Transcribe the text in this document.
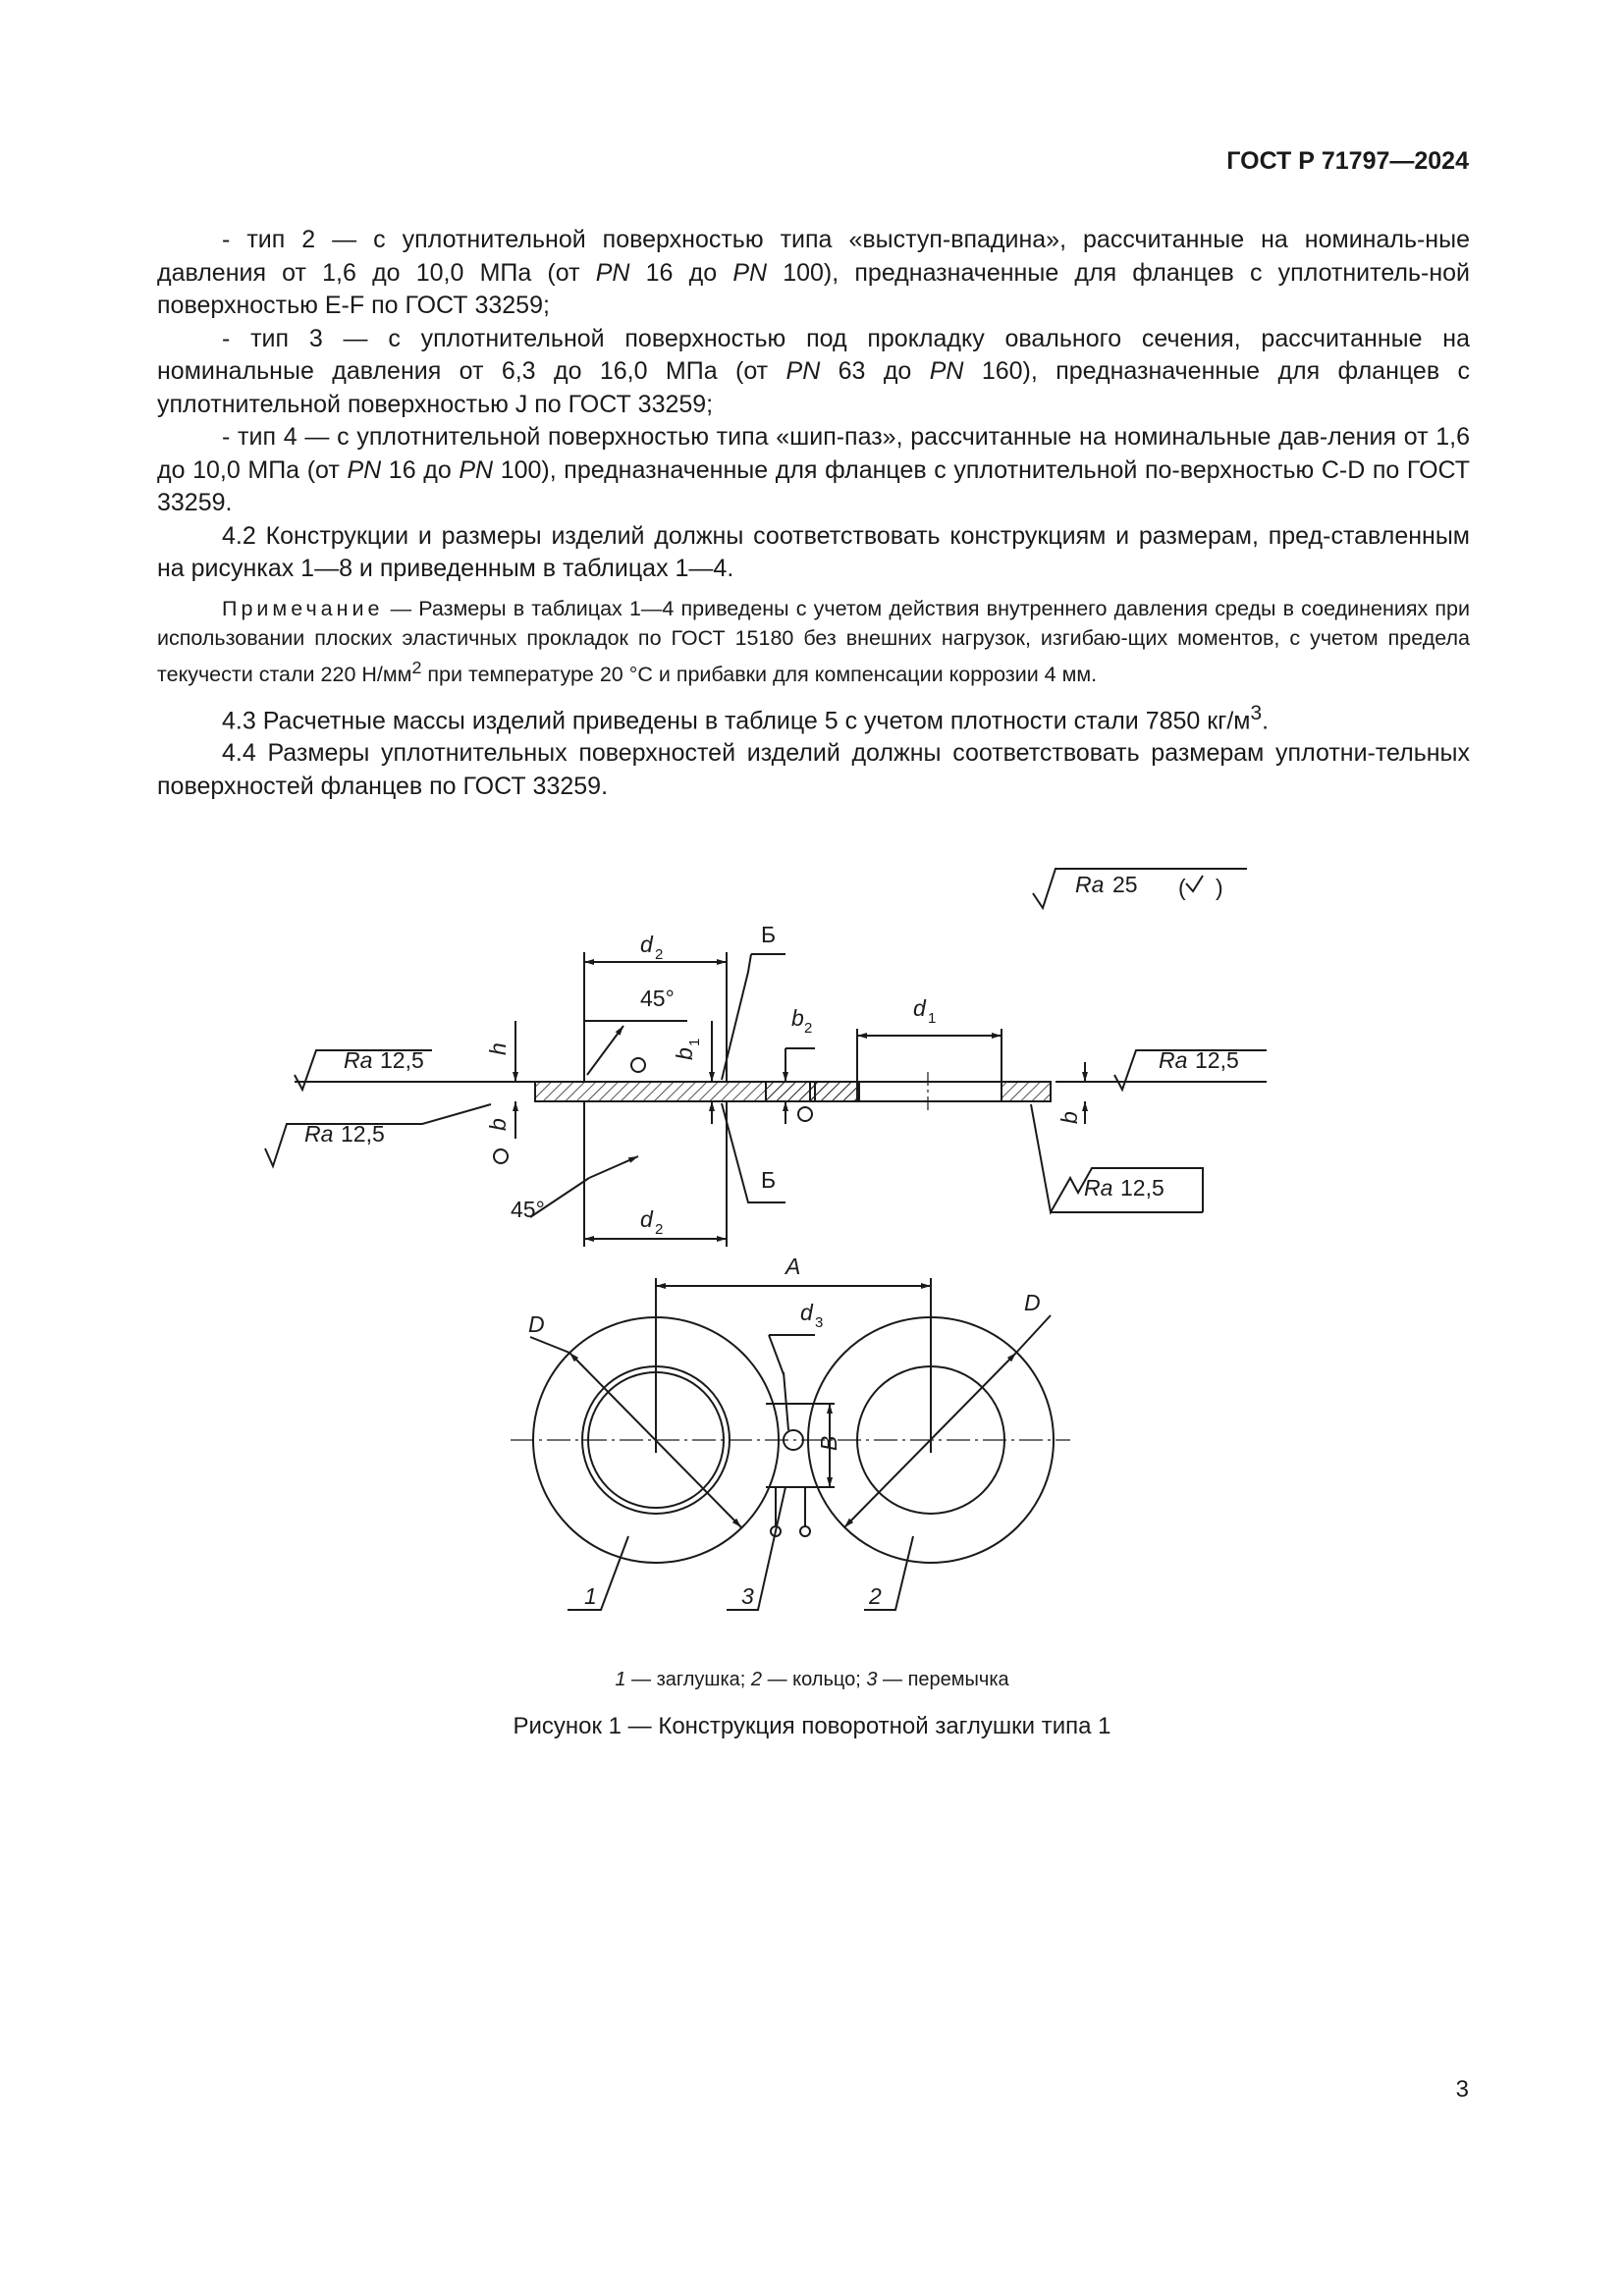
ГОСТ Р 71797—2024

- тип 2 — с уплотнительной поверхностью типа «выступ-впадина», рассчитанные на номиналь-ные давления от 1,6 до 10,0 МПа (от PN 16 до PN 100), предназначенные для фланцев с уплотнитель-ной поверхностью E-F по ГОСТ 33259;

- тип 3 — с уплотнительной поверхностью под прокладку овального сечения, рассчитанные на номинальные давления от 6,3 до 16,0 МПа (от PN 63 до PN 160), предназначенные для фланцев с уплотнительной поверхностью J по ГОСТ 33259;

- тип 4 — с уплотнительной поверхностью типа «шип-паз», рассчитанные на номинальные дав-ления от 1,6 до 10,0 МПа (от PN 16 до PN 100), предназначенные для фланцев с уплотнительной по-верхностью C-D по ГОСТ 33259.

4.2 Конструкции и размеры изделий должны соответствовать конструкциям и размерам, пред-ставленным на рисунках 1—8 и приведенным в таблицах 1—4.

Примечание — Размеры в таблицах 1—4 приведены с учетом действия внутреннего давления среды в соединениях при использовании плоских эластичных прокладок по ГОСТ 15180 без внешних нагрузок, изгибаю-щих моментов, с учетом предела текучести стали 220 $Н/мм^2$ при температуре 20 °С и прибавки для компенсации коррозии 4 мм.

4.3 Расчетные массы изделий приведены в таблице 5 с учетом плотности стали 7850 $кг/м^3$.

4.4 Размеры уплотнительных поверхностей изделий должны соответствовать размерам уплотни-тельных поверхностей фланцев по ГОСТ 33259.

Ra 25 ( )
Ra 12,5
Ra 12,5
Ra 12,5
Ra 12,5
d 2
d 2
d 1
d 3
45°
45°
Б
Б
b 2
b
1
h
b
b
A
D
D
B
1	3	2
1 — заглушка; 2 — кольцо; 3 — перемычка
Рисунок 1 — Конструкция поворотной заглушки типа 1
3
